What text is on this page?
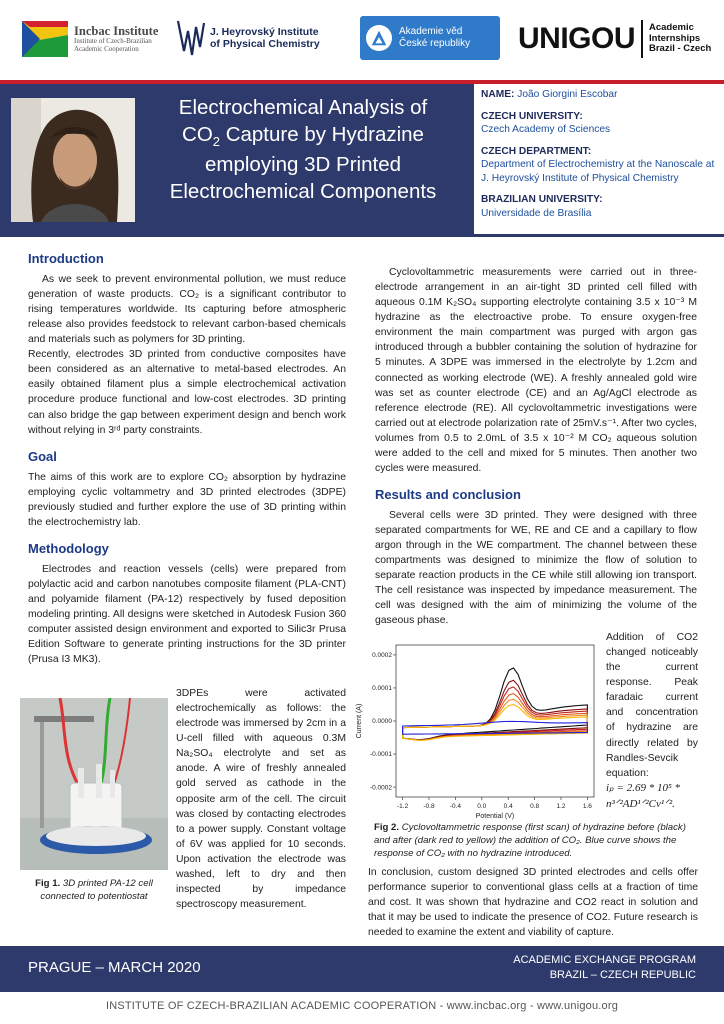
Incbac Institute
Institute of Czech-Brazilian
Academic Cooperation
J. Heyrovský Institute
of Physical Chemistry
Akademie věd
České republiky UNIGOU Academic
Internships
Brazil - Czech
Electrochemical Analysis of
$CO_2$ Capture by Hydrazine
employing 3D Printed
Electrochemical Components
NAME: João Giorgini Escobar
CZECH UNIVERSITY:
Czech Academy of Sciences
CZECH DEPARTMENT:
Department of Electrochemistry at the Nanoscale at J. Heyrovský Institute of Physical Chemistry
BRAZILIAN UNIVERSITY:
Universidade de Brasília
Introduction

As we seek to prevent environmental pollution, we must reduce generation of waste products. CO₂ is a significant contributor to rising temperatures worldwide. Its capturing before atmospheric release also provides feedstock to relevant carbon-based chemicals and materials such as polymers for 3D printing.

Recently, electrodes 3D printed from conductive composites have been considered as an alternative to metal-based electrodes. An easily obtained filament plus a simple electrochemical activation procedure produce functional and low-cost electrodes. 3D printing can also bridge the gap between experiment design and bench work without relying in 3ʳᵈ party constraints.

Goal

The aims of this work are to explore CO₂ absorption by hydrazine employing cyclic voltammetry and 3D printed electrodes (3DPE) previously studied and further explore the use of 3D printing within the electrochemistry lab.

Methodology

Electrodes and reaction vessels (cells) were prepared from polylactic acid and carbon nanotubes composite filament (PLA-CNT) and polyamide filament (PA-12) respectively by fused deposition modeling printing. All designs were sketched in Autodesk Fusion 360 computer assisted design environment and exported to Silic3r Prusa Edition Software to generate printing instructions for the 3D printer (Prusa I3 MK3).

Fig 1. 3D printed PA-12 cell connected to potentiostat
3DPEs were activated electrochemically as follows: the electrode was immersed by 2cm in a U-cell filled with aqueous 0.3M Na₂SO₄ electrolyte and set as anode. A wire of freshly annealed gold served as cathode in the opposite arm of the cell. The circuit was closed by contacting electrodes to a power supply. Constant voltage of 6V was applied for 10 seconds. Upon activation the electrode was washed, left to dry and then inspected by impedance spectroscopy measurement.

Cyclovoltammetric measurements were carried out in three-electrode arrangement in an air-tight 3D printed cell filled with aqueous 0.1M K₂SO₄ supporting electrolyte containing 3.5 x 10⁻³ M hydrazine as the electroactive probe. To ensure oxygen-free environment the main compartment was purged with argon gas introduced through a bubbler containing the solution of hydrazine for 5 minutes. A 3DPE was immersed in the electrolyte by 1.2cm and connected as working electrode (WE). A freshly annealed gold wire was set as counter electrode (CE) and an Ag/AgCl electrode as reference electrode (RE). All cyclovoltammetric investigations were carried out at electrode polarization rate of 25mV.s⁻¹. After two cycles, volumes from 0.5 to 2.0mL of 3.5 x 10⁻² M CO₂ aqueous solution were added to the cell and mixed for 5 minutes. Then another two cycles were measured.

Results and conclusion

Several cells were 3D printed. They were designed with three separated compartments for WE, RE and CE and a capillary to flow argon through in the WE compartment. The channel between these compartments was designed to minimize the flow of solution to separate reaction products in the CE while still allowing ion transport. The cell resistance was inspected by impedance measurement. The cell was designed with the aim of minimizing the volume of the gaseous phase.

-1.2 -0.8 -0.4	0.0	0.4	0.8	1.2	1.6
0.0002
0.0001
0.0000
-0.0001
-0.0002
Potential (V)
Current (A)
Fig 2. Cyclovoltammetric response (first scan) of hydrazine before (black) and after (dark red to yellow) the addition of CO₂. Blue curve shows the response of CO₂ with no hydrazine introduced.
Addition of CO2 changed noticeably the current response. Peak faradaic current and concentration of hydrazine are directly related by Randles-Sevcik equation:
iₚ = 2.69 * 10⁵ * n³ᐟ²AD¹ᐟ²Cv¹ᐟ².
In conclusion, custom designed 3D printed electrodes and cells offer performance superior to conventional glass cells at a fraction of time and cost. It was shown that hydrazine and CO2 react in solution and that it may be used to indicate the presence of CO2. Future research is needed to examine the extent and viability of capture.
PRAGUE – MARCH 2020	ACADEMIC EXCHANGE PROGRAM
BRAZIL – CZECH REPUBLIC
INSTITUTE OF CZECH-BRAZILIAN ACADEMIC COOPERATION - www.incbac.org - www.unigou.org
